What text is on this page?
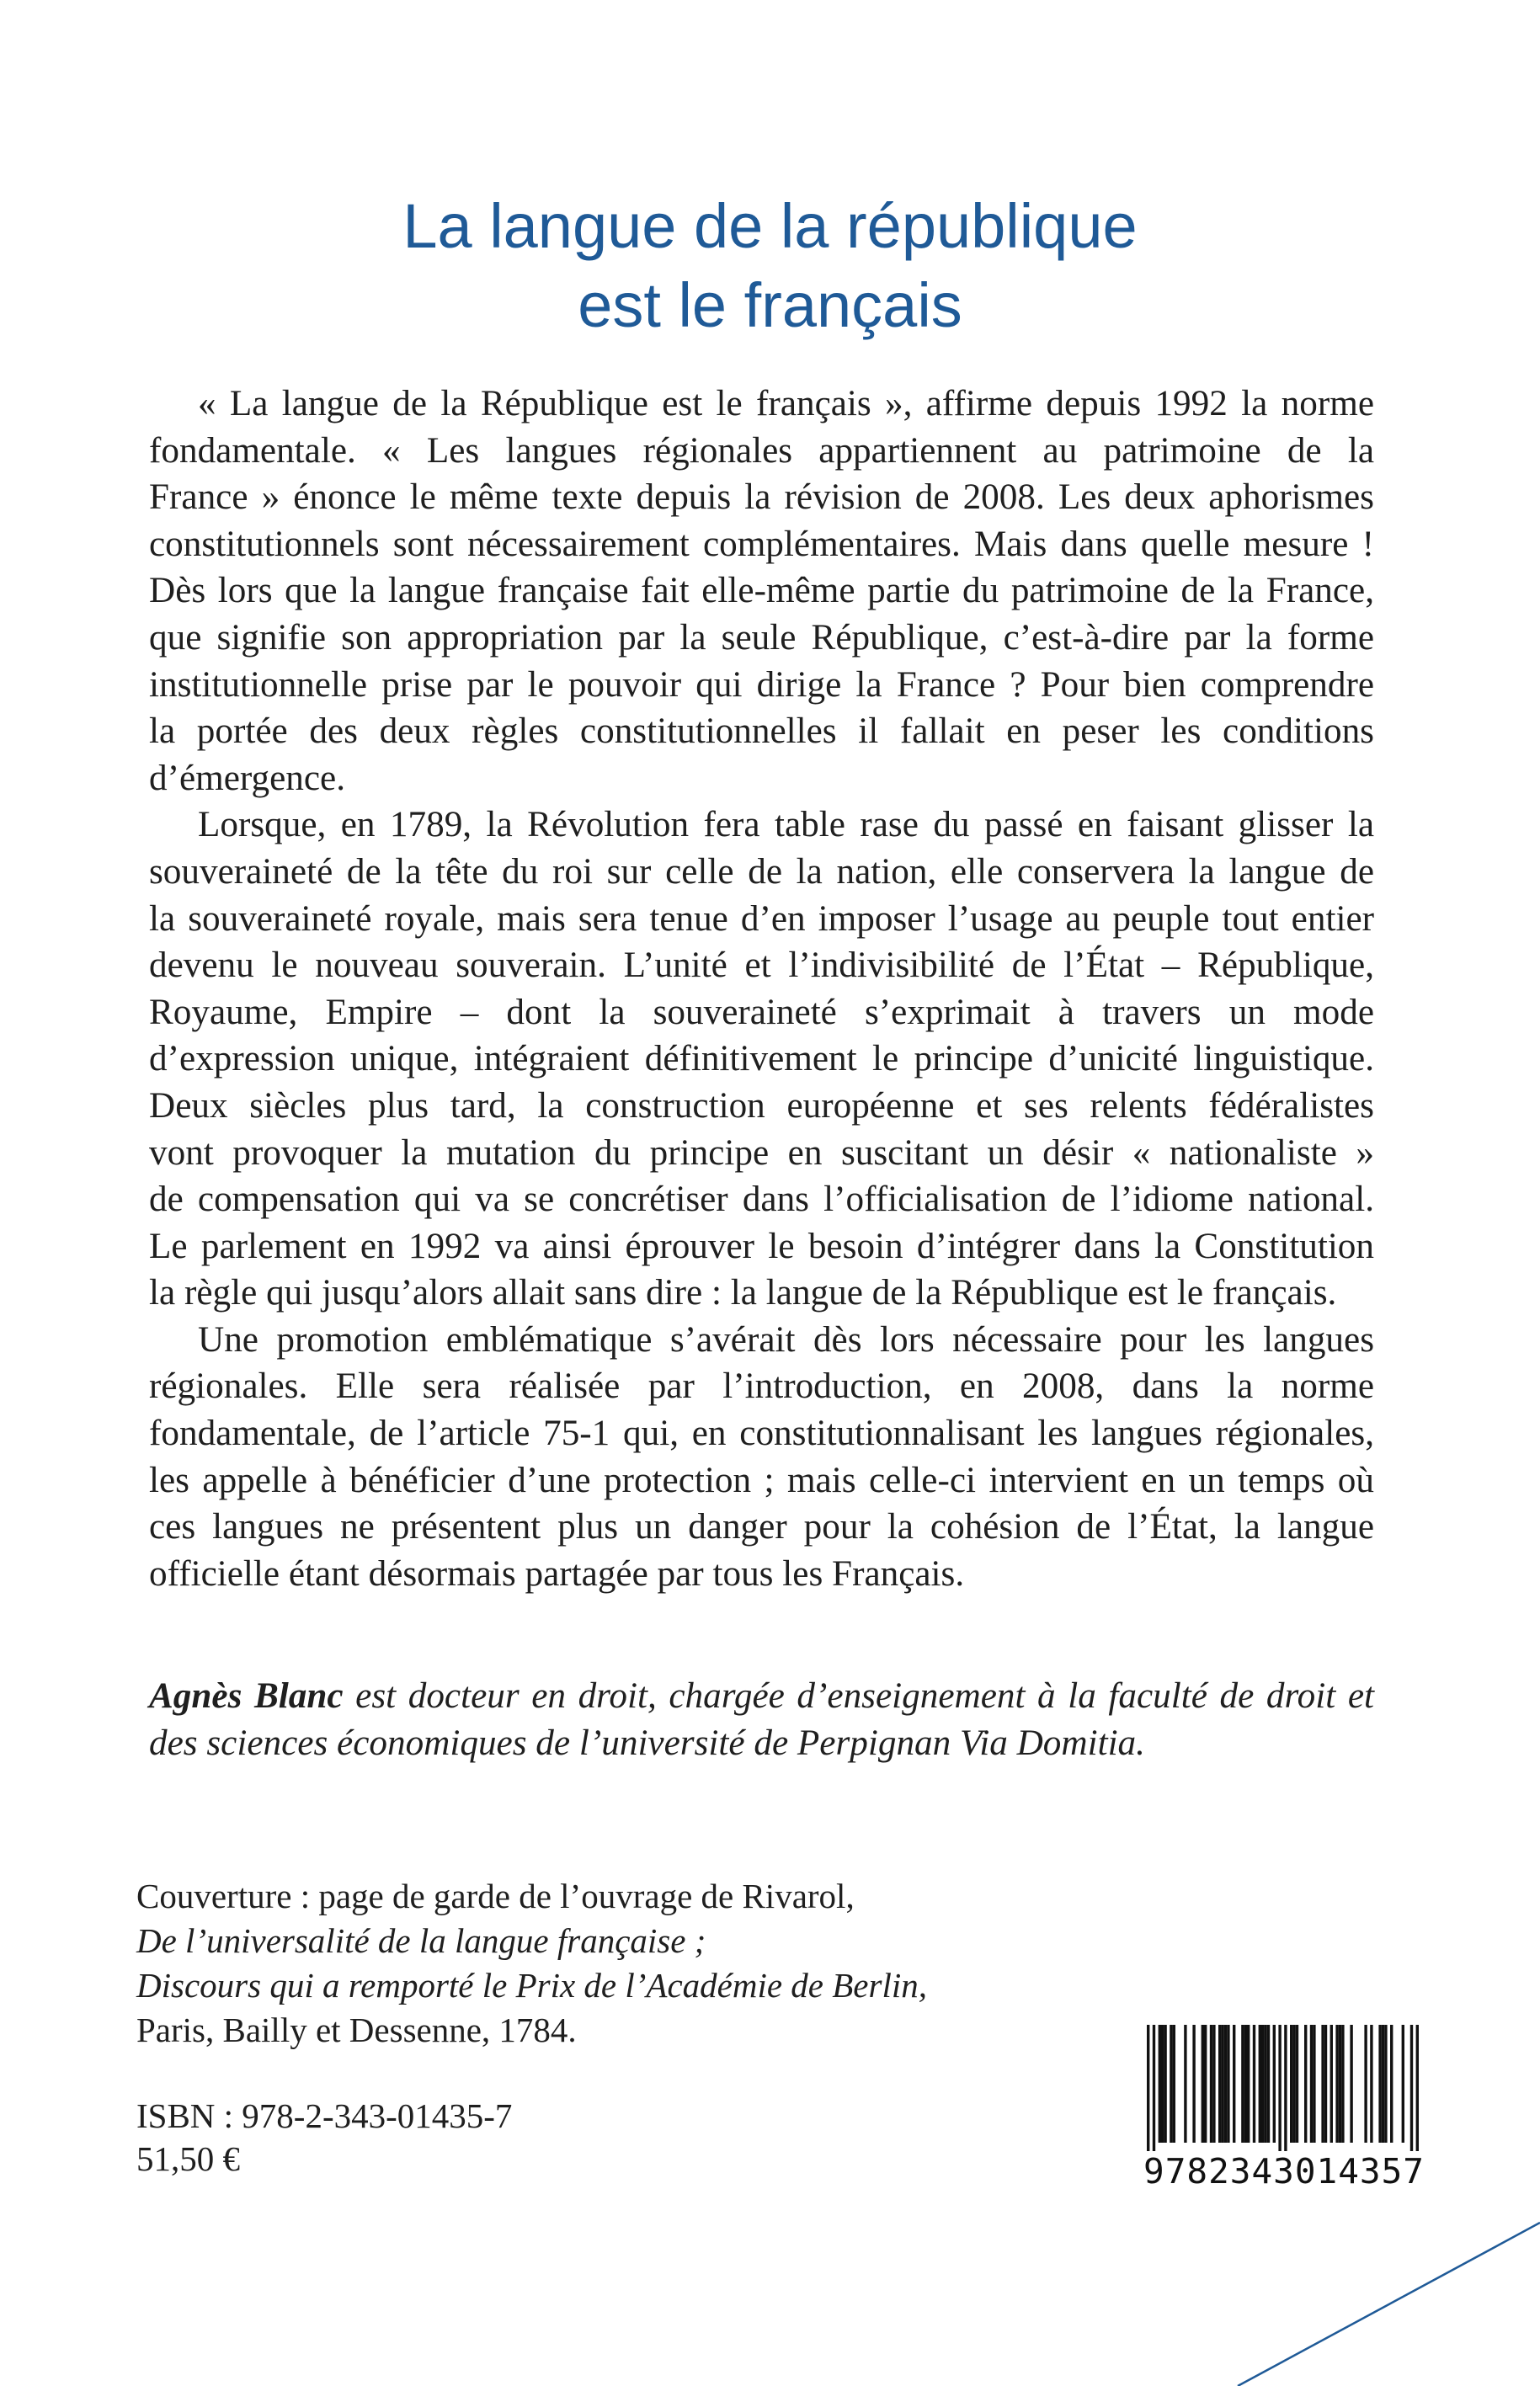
La langue de la république
est le français

« La langue de la République est le français », affirme depuis 1992 la norme
fondamentale. « Les langues régionales appartiennent au patrimoine de la
France » énonce le même texte depuis la révision de 2008. Les deux aphorismes
constitutionnels sont nécessairement complémentaires. Mais dans quelle mesure !
Dès lors que la langue française fait elle-même partie du patrimoine de la France,
que signifie son appropriation par la seule République, c’est-à-dire par la forme
institutionnelle prise par le pouvoir qui dirige la France ? Pour bien comprendre
la portée des deux règles constitutionnelles il fallait en peser les conditions
d’émergence.

Lorsque, en 1789, la Révolution fera table rase du passé en faisant glisser la
souveraineté de la tête du roi sur celle de la nation, elle conservera la langue de
la souveraineté royale, mais sera tenue d’en imposer l’usage au peuple tout entier
devenu le nouveau souverain. L’unité et l’indivisibilité de l’État – République,
Royaume, Empire – dont la souveraineté s’exprimait à travers un mode
d’expression unique, intégraient définitivement le principe d’unicité linguistique.
Deux siècles plus tard, la construction européenne et ses relents fédéralistes
vont provoquer la mutation du principe en suscitant un désir « nationaliste »
de compensation qui va se concrétiser dans l’officialisation de l’idiome national.
Le parlement en 1992 va ainsi éprouver le besoin d’intégrer dans la Constitution
la règle qui jusqu’alors allait sans dire : la langue de la République est le français.

Une promotion emblématique s’avérait dès lors nécessaire pour les langues
régionales. Elle sera réalisée par l’introduction, en 2008, dans la norme
fondamentale, de l’article 75-1 qui, en constitutionnalisant les langues régionales,
les appelle à bénéficier d’une protection ; mais celle-ci intervient en un temps où
ces langues ne présentent plus un danger pour la cohésion de l’État, la langue
officielle étant désormais partagée par tous les Français.

Agnès Blanc est docteur en droit, chargée d’enseignement à la faculté de droit et
des sciences économiques de l’université de Perpignan Via Domitia.
Couverture : page de garde de l’ouvrage de Rivarol,
De l’universalité de la langue française ;
Discours qui a remporté le Prix de l’Académie de Berlin,
Paris, Bailly et Dessenne, 1784.
ISBN : 978-2-343-01435-7
51,50 €	9782343014357
